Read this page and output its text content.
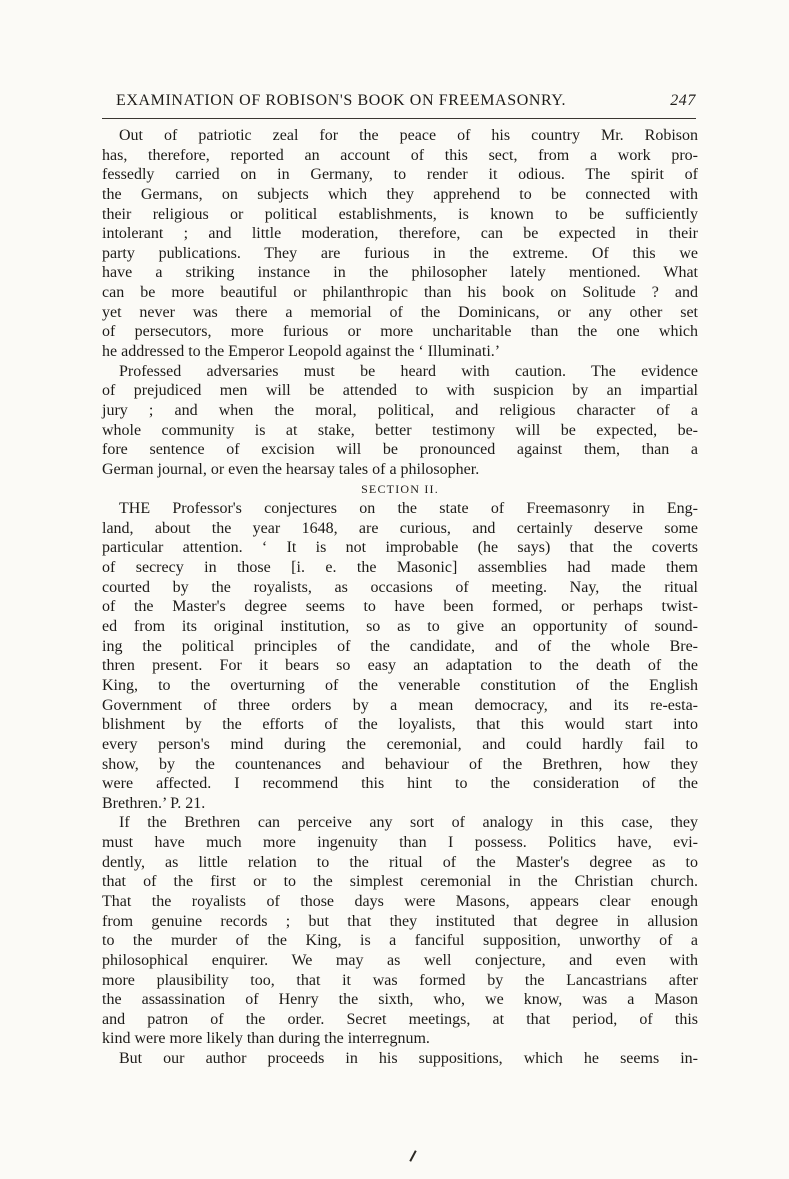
EXAMINATION OF ROBISON'S BOOK ON FREEMASONRY.	247
Out of patriotic zeal for the peace of his country Mr. Robison
has, therefore, reported an account of this sect, from a work pro-
fessedly carried on in Germany, to render it odious. The spirit of
the Germans, on subjects which they apprehend to be connected with
their religious or political establishments, is known to be sufficiently
intolerant ; and little moderation, therefore, can be expected in their
party publications. They are furious in the extreme. Of this we
have a striking instance in the philosopher lately mentioned. What
can be more beautiful or philanthropic than his book on Solitude ? and
yet never was there a memorial of the Dominicans, or any other set
of persecutors, more furious or more uncharitable than the one which
he addressed to the Emperor Leopold against the ‘ Illuminati.’
Professed adversaries must be heard with caution. The evidence
of prejudiced men will be attended to with suspicion by an impartial
jury ; and when the moral, political, and religious character of a
whole community is at stake, better testimony will be expected, be-
fore sentence of excision will be pronounced against them, than a
German journal, or even the hearsay tales of a philosopher.
SECTION II.
THE Professor's conjectures on the state of Freemasonry in Eng-
land, about the year 1648, are curious, and certainly deserve some
particular attention. ‘ It is not improbable (he says) that the coverts
of secrecy in those [i. e. the Masonic] assemblies had made them
courted by the royalists, as occasions of meeting. Nay, the ritual
of the Master's degree seems to have been formed, or perhaps twist-
ed from its original institution, so as to give an opportunity of sound-
ing the political principles of the candidate, and of the whole Bre-
thren present. For it bears so easy an adaptation to the death of the
King, to the overturning of the venerable constitution of the English
Government of three orders by a mean democracy, and its re-esta-
blishment by the efforts of the loyalists, that this would start into
every person's mind during the ceremonial, and could hardly fail to
show, by the countenances and behaviour of the Brethren, how they
were affected. I recommend this hint to the consideration of the
Brethren.’ P. 21.
If the Brethren can perceive any sort of analogy in this case, they
must have much more ingenuity than I possess. Politics have, evi-
dently, as little relation to the ritual of the Master's degree as to
that of the first or to the simplest ceremonial in the Christian church.
That the royalists of those days were Masons, appears clear enough
from genuine records ; but that they instituted that degree in allusion
to the murder of the King, is a fanciful supposition, unworthy of a
philosophical enquirer. We may as well conjecture, and even with
more plausibility too, that it was formed by the Lancastrians after
the assassination of Henry the sixth, who, we know, was a Mason
and patron of the order. Secret meetings, at that period, of this
kind were more likely than during the interregnum.
But our author proceeds in his suppositions, which he seems in-
